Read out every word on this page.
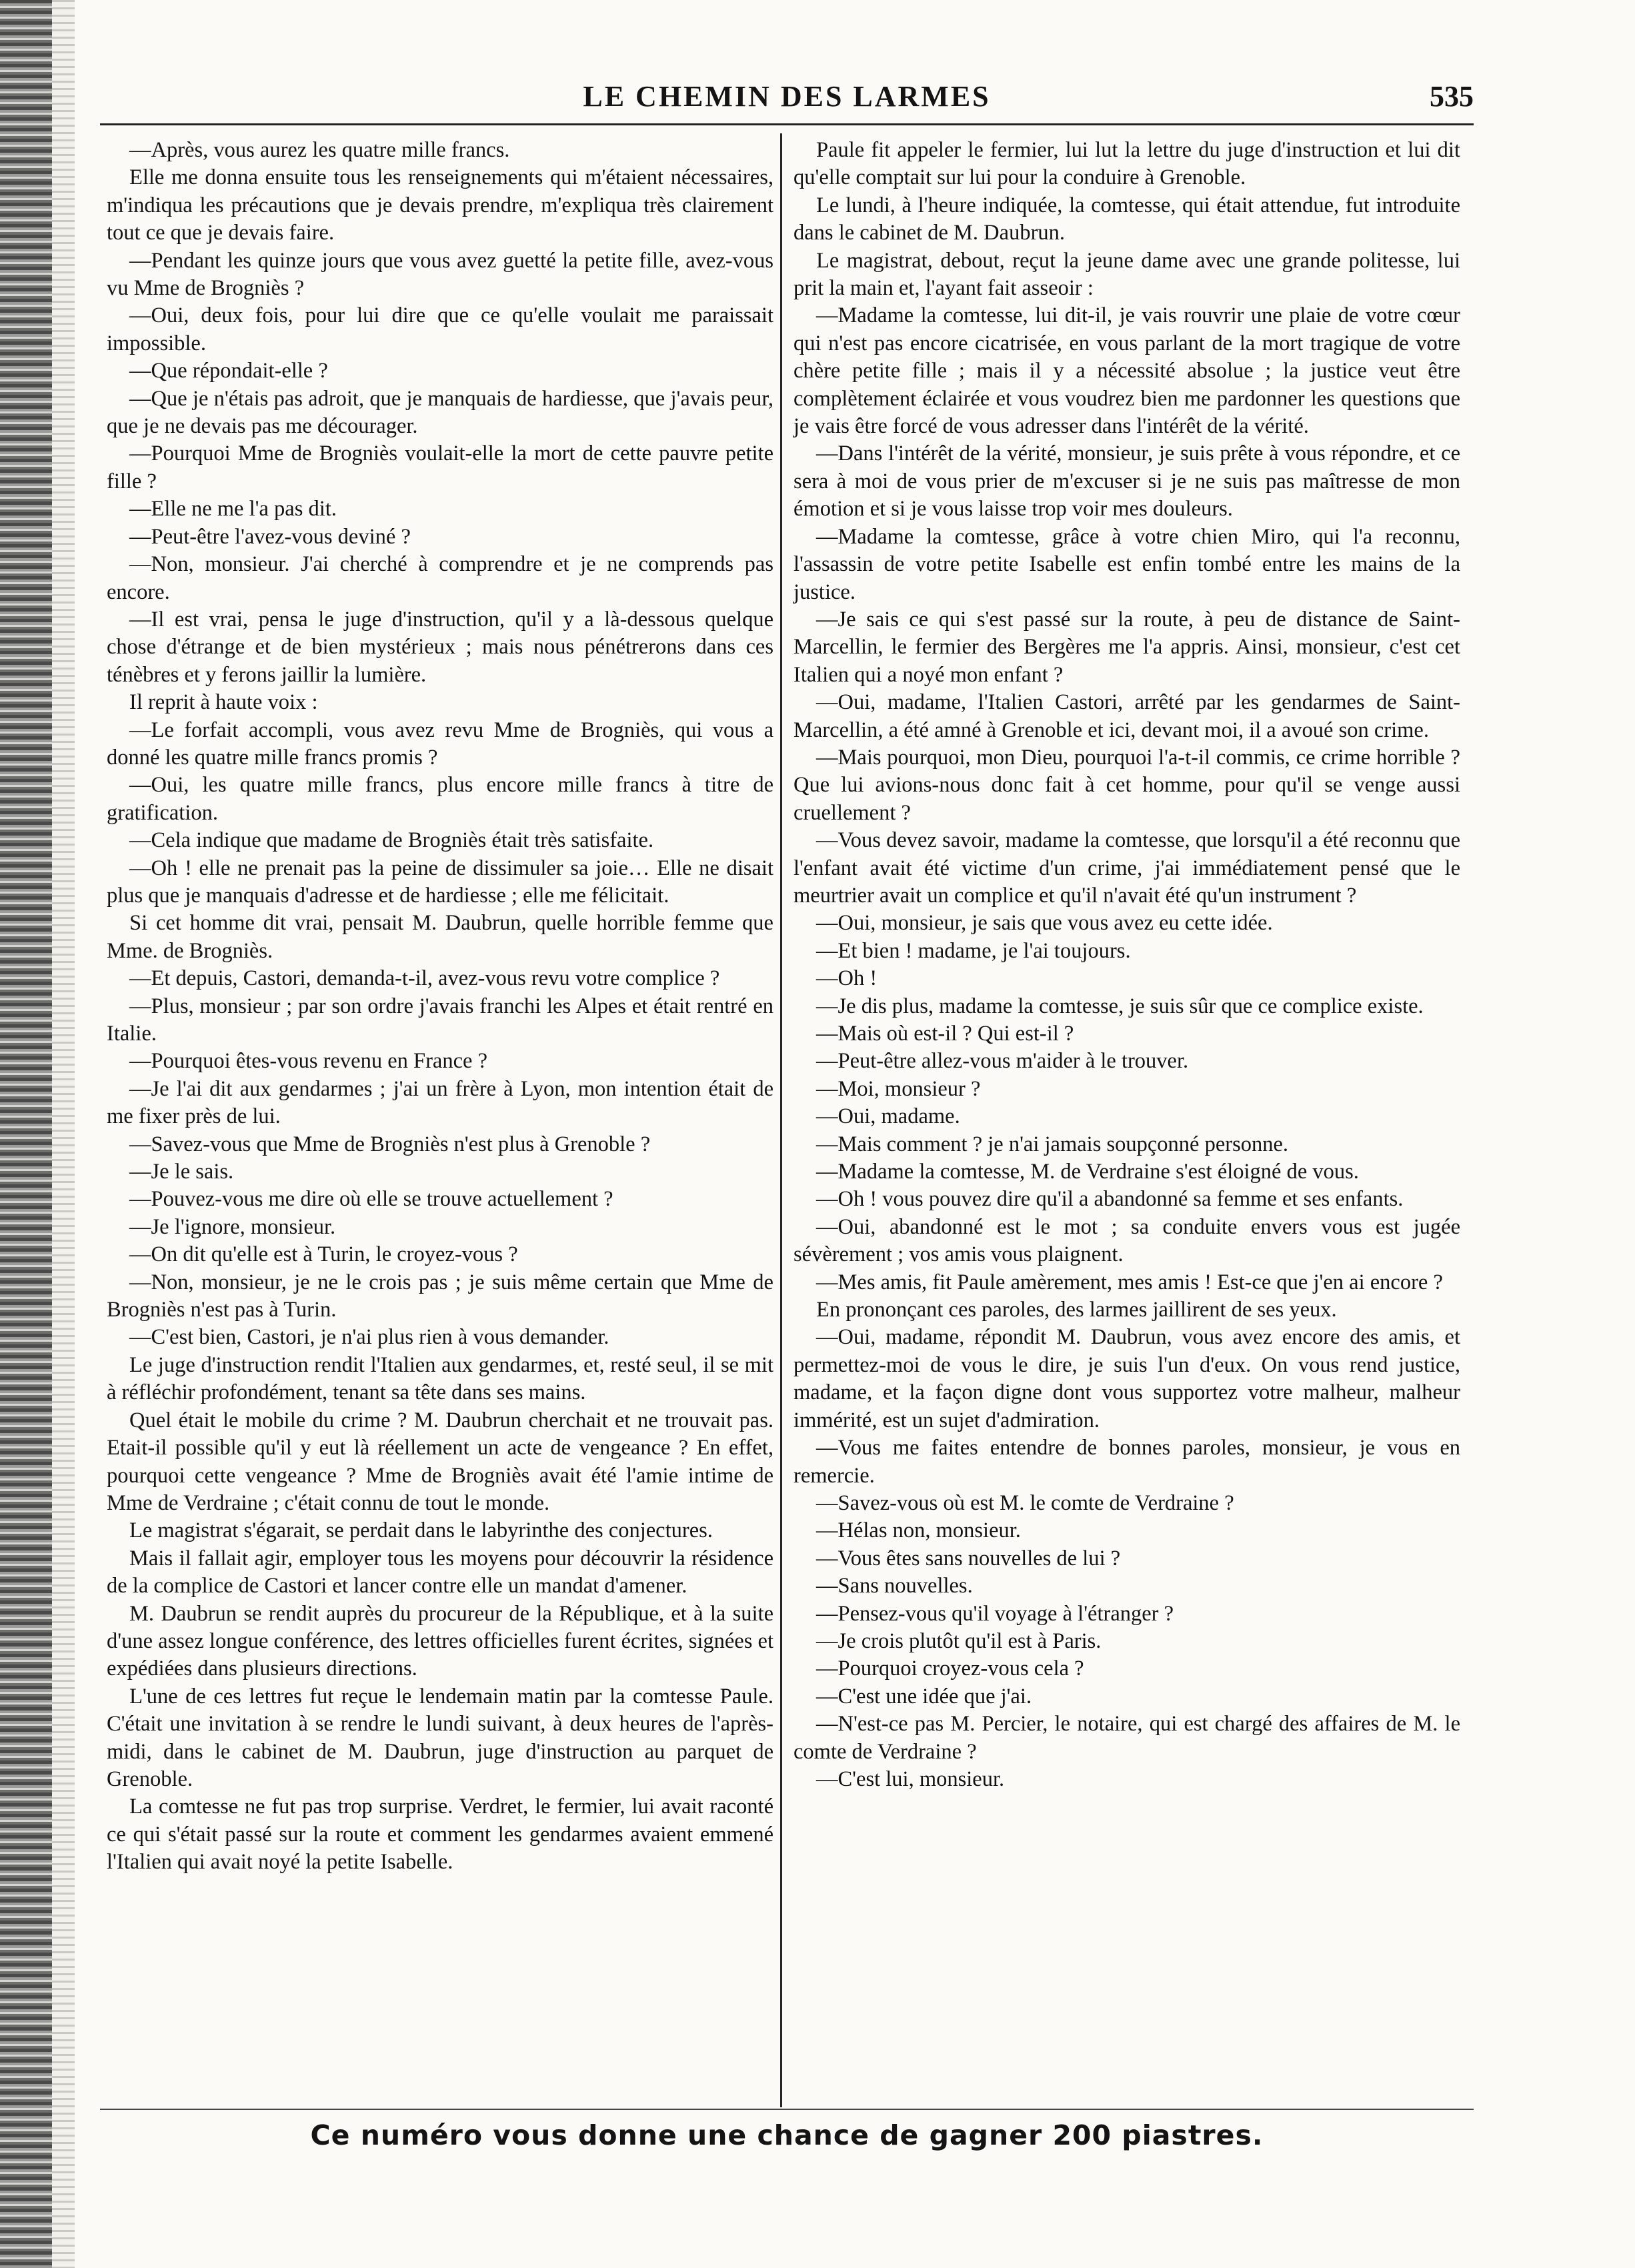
LE CHEMIN DES LARMES	535

—Après, vous aurez les quatre mille francs.

Elle me donna ensuite tous les renseignements qui m'étaient nécessaires, m'indiqua les précautions que je devais prendre, m'expliqua très clairement tout ce que je devais faire.

—Pendant les quinze jours que vous avez guetté la petite fille, avez-vous vu Mme de Brogniès ?

—Oui, deux fois, pour lui dire que ce qu'elle voulait me paraissait impossible.

—Que répondait-elle ?

—Que je n'étais pas adroit, que je manquais de hardiesse, que j'avais peur, que je ne devais pas me décourager.

—Pourquoi Mme de Brogniès voulait-elle la mort de cette pauvre petite fille ?

—Elle ne me l'a pas dit.

—Peut-être l'avez-vous deviné ?

—Non, monsieur. J'ai cherché à comprendre et je ne comprends pas encore.

—Il est vrai, pensa le juge d'instruction, qu'il y a là-dessous quelque chose d'étrange et de bien mystérieux ; mais nous pénétrerons dans ces ténèbres et y ferons jaillir la lumière.

Il reprit à haute voix :

—Le forfait accompli, vous avez revu Mme de Brogniès, qui vous a donné les quatre mille francs promis ?

—Oui, les quatre mille francs, plus encore mille francs à titre de gratification.

—Cela indique que madame de Brogniès était très satisfaite.

—Oh ! elle ne prenait pas la peine de dissimuler sa joie… Elle ne disait plus que je manquais d'adresse et de hardiesse ; elle me félicitait.

Si cet homme dit vrai, pensait M. Daubrun, quelle horrible femme que Mme. de Brogniès.

—Et depuis, Castori, demanda-t-il, avez-vous revu votre complice ?

—Plus, monsieur ; par son ordre j'avais franchi les Alpes et était rentré en Italie.

—Pourquoi êtes-vous revenu en France ?

—Je l'ai dit aux gendarmes ; j'ai un frère à Lyon, mon intention était de me fixer près de lui.

—Savez-vous que Mme de Brogniès n'est plus à Grenoble ?

—Je le sais.

—Pouvez-vous me dire où elle se trouve actuellement ?

—Je l'ignore, monsieur.

—On dit qu'elle est à Turin, le croyez-vous ?

—Non, monsieur, je ne le crois pas ; je suis même certain que Mme de Brogniès n'est pas à Turin.

—C'est bien, Castori, je n'ai plus rien à vous demander.

Le juge d'instruction rendit l'Italien aux gendarmes, et, resté seul, il se mit à réfléchir profondément, tenant sa tête dans ses mains.

Quel était le mobile du crime ? M. Daubrun cherchait et ne trouvait pas. Etait-il possible qu'il y eut là réellement un acte de vengeance ? En effet, pourquoi cette vengeance ? Mme de Brogniès avait été l'amie intime de Mme de Verdraine ; c'était connu de tout le monde.

Le magistrat s'égarait, se perdait dans le labyrinthe des conjectures.

Mais il fallait agir, employer tous les moyens pour découvrir la résidence de la complice de Castori et lancer contre elle un mandat d'amener.

M. Daubrun se rendit auprès du procureur de la République, et à la suite d'une assez longue conférence, des lettres officielles furent écrites, signées et expédiées dans plusieurs directions.

L'une de ces lettres fut reçue le lendemain matin par la comtesse Paule. C'était une invitation à se rendre le lundi suivant, à deux heures de l'après-midi, dans le cabinet de M. Daubrun, juge d'instruction au parquet de Grenoble.

La comtesse ne fut pas trop surprise. Verdret, le fermier, lui avait raconté ce qui s'était passé sur la route et comment les gendarmes avaient emmené l'Italien qui avait noyé la petite Isabelle.

Paule fit appeler le fermier, lui lut la lettre du juge d'instruction et lui dit qu'elle comptait sur lui pour la conduire à Grenoble.

Le lundi, à l'heure indiquée, la comtesse, qui était attendue, fut introduite dans le cabinet de M. Daubrun.

Le magistrat, debout, reçut la jeune dame avec une grande politesse, lui prit la main et, l'ayant fait asseoir :

—Madame la comtesse, lui dit-il, je vais rouvrir une plaie de votre cœur qui n'est pas encore cicatrisée, en vous parlant de la mort tragique de votre chère petite fille ; mais il y a nécessité absolue ; la justice veut être complètement éclairée et vous voudrez bien me pardonner les questions que je vais être forcé de vous adresser dans l'intérêt de la vérité.

—Dans l'intérêt de la vérité, monsieur, je suis prête à vous répondre, et ce sera à moi de vous prier de m'excuser si je ne suis pas maîtresse de mon émotion et si je vous laisse trop voir mes douleurs.

—Madame la comtesse, grâce à votre chien Miro, qui l'a reconnu, l'assassin de votre petite Isabelle est enfin tombé entre les mains de la justice.

—Je sais ce qui s'est passé sur la route, à peu de distance de Saint-Marcellin, le fermier des Bergères me l'a appris. Ainsi, monsieur, c'est cet Italien qui a noyé mon enfant ?

—Oui, madame, l'Italien Castori, arrêté par les gendarmes de Saint-Marcellin, a été amné à Grenoble et ici, devant moi, il a avoué son crime.

—Mais pourquoi, mon Dieu, pourquoi l'a-t-il commis, ce crime horrible ? Que lui avions-nous donc fait à cet homme, pour qu'il se venge aussi cruellement ?

—Vous devez savoir, madame la comtesse, que lorsqu'il a été reconnu que l'enfant avait été victime d'un crime, j'ai immédiatement pensé que le meurtrier avait un complice et qu'il n'avait été qu'un instrument ?

—Oui, monsieur, je sais que vous avez eu cette idée.

—Et bien ! madame, je l'ai toujours.

—Oh !

—Je dis plus, madame la comtesse, je suis sûr que ce complice existe.

—Mais où est-il ? Qui est-il ?

—Peut-être allez-vous m'aider à le trouver.

—Moi, monsieur ?

—Oui, madame.

—Mais comment ? je n'ai jamais soupçonné personne.

—Madame la comtesse, M. de Verdraine s'est éloigné de vous.

—Oh ! vous pouvez dire qu'il a abandonné sa femme et ses enfants.

—Oui, abandonné est le mot ; sa conduite envers vous est jugée sévèrement ; vos amis vous plaignent.

—Mes amis, fit Paule amèrement, mes amis ! Est-ce que j'en ai encore ?

En prononçant ces paroles, des larmes jaillirent de ses yeux.

—Oui, madame, répondit M. Daubrun, vous avez encore des amis, et permettez-moi de vous le dire, je suis l'un d'eux. On vous rend justice, madame, et la façon digne dont vous supportez votre malheur, malheur immérité, est un sujet d'admiration.

—Vous me faites entendre de bonnes paroles, monsieur, je vous en remercie.

—Savez-vous où est M. le comte de Verdraine ?

—Hélas non, monsieur.

—Vous êtes sans nouvelles de lui ?

—Sans nouvelles.

—Pensez-vous qu'il voyage à l'étranger ?

—Je crois plutôt qu'il est à Paris.

—Pourquoi croyez-vous cela ?

—C'est une idée que j'ai.

—N'est-ce pas M. Percier, le notaire, qui est chargé des affaires de M. le comte de Verdraine ?

—C'est lui, monsieur.

Ce numéro vous donne une chance de gagner 200 piastres.
